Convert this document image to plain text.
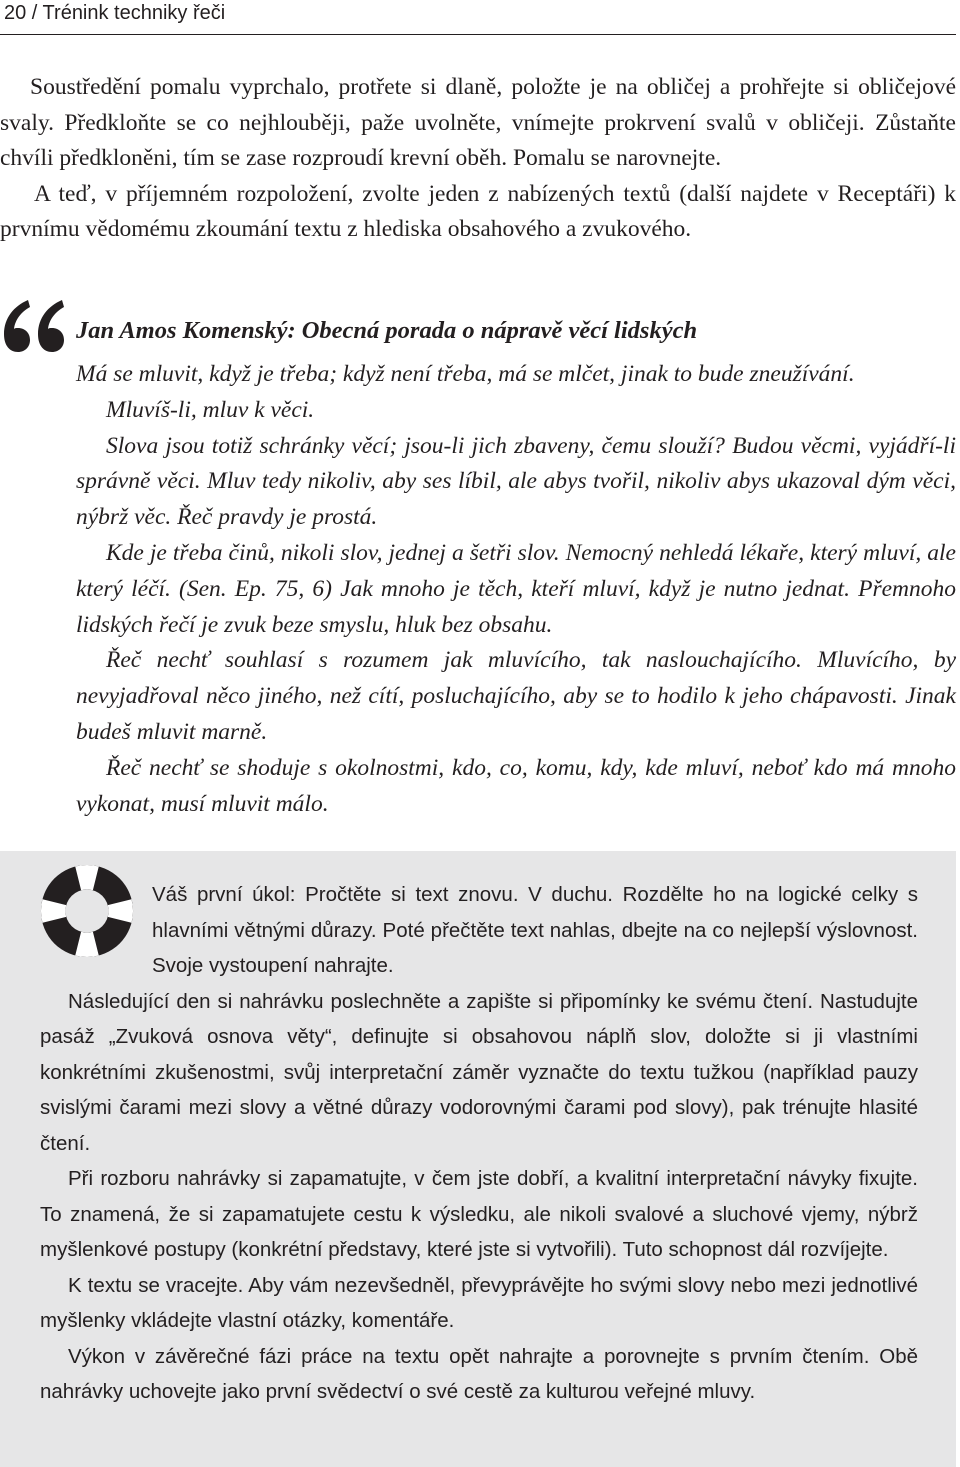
20 / Trénink techniky řeči

Soustředění pomalu vyprchalo, protřete si dlaně, položte je na obličej a prohřejte si obličejové svaly. Předkloňte se co nejhlouběji, paže uvolněte, vnímejte prokrvení svalů v obličeji. Zůstaňte chvíli předkloněni, tím se zase rozproudí krevní oběh. Pomalu se narovnejte.

A teď, v příjemném rozpoložení, zvolte jeden z nabízených textů (další najdete v Receptáři) k prvnímu vědomému zkoumání textu z hlediska obsahového a zvukového.

Jan Amos Komenský: Obecná porada o nápravě věcí lidských

Má se mluvit, když je třeba; když není třeba, má se mlčet, jinak to bude zneužívání.

Mluvíš-li, mluv k věci.

Slova jsou totiž schránky věcí; jsou-li jich zbaveny, čemu slouží? Budou věcmi, vyjádří-li správně věci. Mluv tedy nikoliv, aby ses líbil, ale abys tvořil, nikoliv abys ukazoval dým věci, nýbrž věc. Řeč pravdy je prostá.

Kde je třeba činů, nikoli slov, jednej a šetři slov. Nemocný nehledá lékaře, který mluví, ale který léčí. (Sen. Ep. 75, 6) Jak mnoho je těch, kteří mluví, když je nutno jednat. Přemnoho lidských řečí je zvuk beze smyslu, hluk bez obsahu.

Řeč nechť souhlasí s rozumem jak mluvícího, tak naslouchajícího. Mluvícího, by nevyjadřoval něco jiného, než cítí, posluchajícího, aby se to hodilo k jeho chápavosti. Jinak budeš mluvit marně.

Řeč nechť se shoduje s okolnostmi, kdo, co, komu, kdy, kde mluví, neboť kdo má mnoho vykonat, musí mluvit málo.

Váš první úkol: Pročtěte si text znovu. V duchu. Rozdělte ho na logické celky s hlavními větnými důrazy. Poté přečtěte text nahlas, dbejte na co nejlepší výslovnost. Svoje vystoupení nahrajte.

Následující den si nahrávku poslechněte a zapište si připomínky ke svému čtení. Nastudujte pasáž „Zvuková osnova věty“, definujte si obsahovou náplň slov, doložte si ji vlastními konkrétními zkušenostmi, svůj interpretační záměr vyznačte do textu tužkou (například pauzy svislými čarami mezi slovy a větné důrazy vodorovnými čarami pod slovy), pak trénujte hlasité čtení.

Při rozboru nahrávky si zapamatujte, v čem jste dobří, a kvalitní interpretační návyky fixujte. To znamená, že si zapamatujete cestu k výsledku, ale nikoli svalové a sluchové vjemy, nýbrž myšlenkové postupy (konkrétní představy, které jste si vytvořili). Tuto schopnost dál rozvíjejte.

K textu se vracejte. Aby vám nezevšedněl, převyprávějte ho svými slovy nebo mezi jednotlivé myšlenky vkládejte vlastní otázky, komentáře.

Výkon v závěrečné fázi práce na textu opět nahrajte a porovnejte s prvním čtením. Obě nahrávky uchovejte jako první svědectví o své cestě za kulturou veřejné mluvy.
